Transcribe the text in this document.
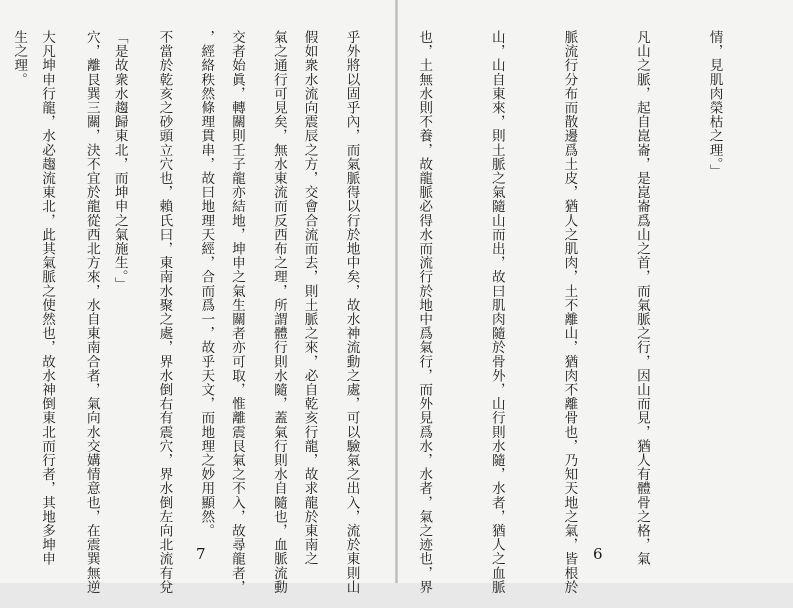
假如衆水流向震辰之方，交會合流而去，則土脈之來，必自乾亥行龍，故求龍於東南之

交者始眞，轉關則壬子龍亦結地，坤申之氣生關者亦可取，惟離震艮氣之不入，故尋龍者，

不當於乾亥之砂頭立穴也，賴氏曰，東南水聚之處，界水倒右有震穴，界水倒左向北流有兌

穴，離艮巽三關，決不宜於龍從西北方來，水自東南合者，氣向水交媾情意也，在震巽無逆

生之理。

7

情，見肌肉榮枯之理。」

凡山之脈，起自崑崙，是崑崙爲山之首，而氣脈之行，因山而見，猶人有體骨之格，氣

脈流行分布而散邊爲土皮，猶人之肌肉，土不離山，猶肉不離骨也，乃知天地之氣，皆根於

山，山自東來，則土脈之氣隨山而出，故曰肌肉隨於骨外，山行則水隨，水者，猶人之血脈

也，土無水則不養，故龍脈必得水而流行於地中爲氣行，而外見爲水，水者，氣之迹也，界

乎外將以固乎內，而氣脈得以行於地中矣，故水神流動之處，可以驗氣之出入，流於東則山

氣之通行可見矣，無水東流而反西布之理，所謂體行則水隨，蓋氣行則水自隨也，血脈流動

，經絡秩然條理貫串，故曰地理天經，合而爲一，故乎天文，而地理之妙用顯然。

「是故衆水趨歸東北，而坤申之氣施生。」

大凡坤申行龍，水必趨流東北，此其氣脈之使然也，故水神倒東北而行者，其地多坤申

	6
